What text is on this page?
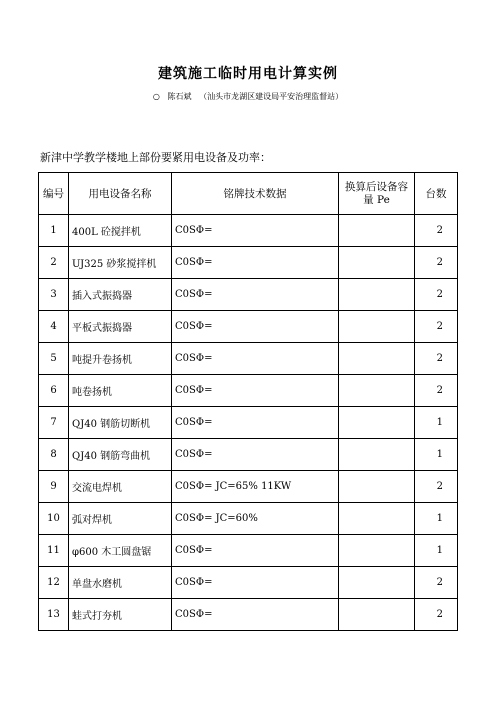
建筑施工临时用电计算实例
○   陈石斌   （汕头市龙湖区建设局平安治理监督站）
新津中学教学楼地上部份要紧用电设备及功率：
编号	用电设备名称	铭牌技术数据	换算后设备容量 Pe	台数
1	400L 砼搅拌机	C0SΦ=		2
2	UJ325 砂浆搅拌机	C0SΦ=		2
3	插入式振捣器	C0SΦ=		2
4	平板式振捣器	C0SΦ=		2
5	吨提升卷扬机	C0SΦ=		2
6	吨卷扬机	C0SΦ=		2
7	QJ40 钢筋切断机	C0SΦ=		1
8	QJ40 钢筋弯曲机	C0SΦ=		1
9	交流电焊机	C0SΦ= JC=65% 11KW		2
10	弧对焊机	C0SΦ= JC=60%		1
11	φ600 木工圆盘锯	C0SΦ=		1
12	单盘水磨机	C0SΦ=		2
13	蛙式打夯机	C0SΦ=		2
